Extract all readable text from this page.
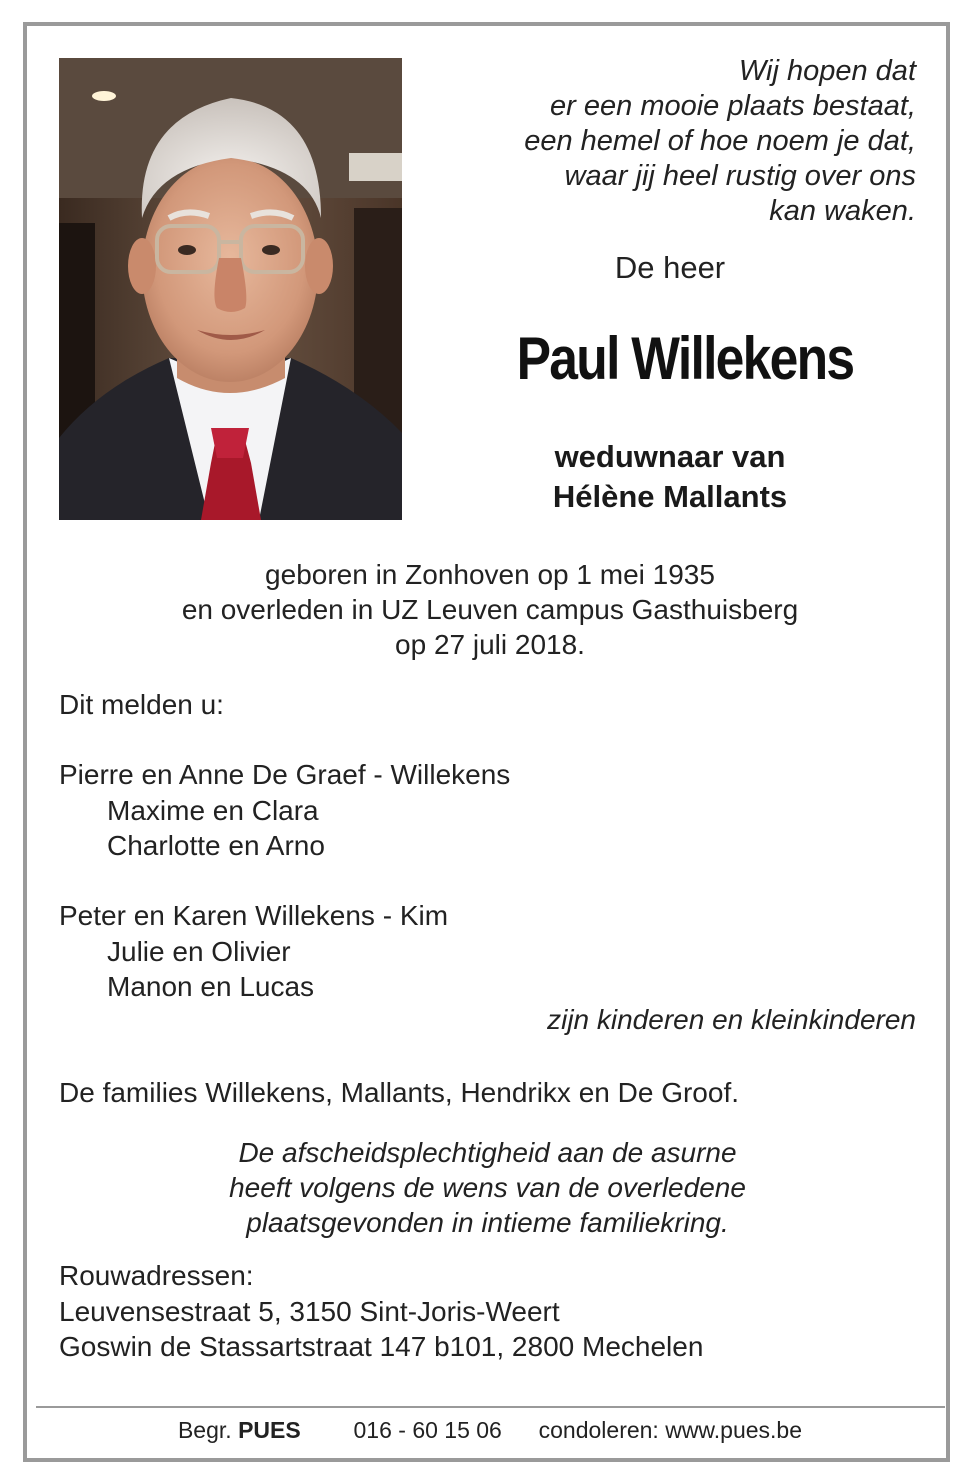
Wij hopen dat
er een mooie plaats bestaat,
een hemel of hoe noem je dat,
waar jij heel rustig over ons
kan waken.
De heer
Paul Willekens
weduwnaar van
Hélène Mallants
geboren in Zonhoven op 1 mei 1935
en overleden in UZ Leuven campus Gasthuisberg
op 27 juli 2018.
Dit melden u:
Pierre en Anne De Graef - Willekens
Maxime en Clara
Charlotte en Arno
Peter en Karen Willekens - Kim
Julie en Olivier
Manon en Lucas
zijn kinderen en kleinkinderen
De families Willekens, Mallants, Hendrikx en De Groof.
De afscheidsplechtigheid aan de asurne
heeft volgens de wens van de overledene
plaatsgevonden in intieme familiekring.
Rouwadressen:
Leuvensestraat 5, 3150 Sint-Joris-Weert
Goswin de Stassartstraat 147 b101, 2800 Mechelen
Begr. PUES 016 - 60 15 06 condoleren: www.pues.be
